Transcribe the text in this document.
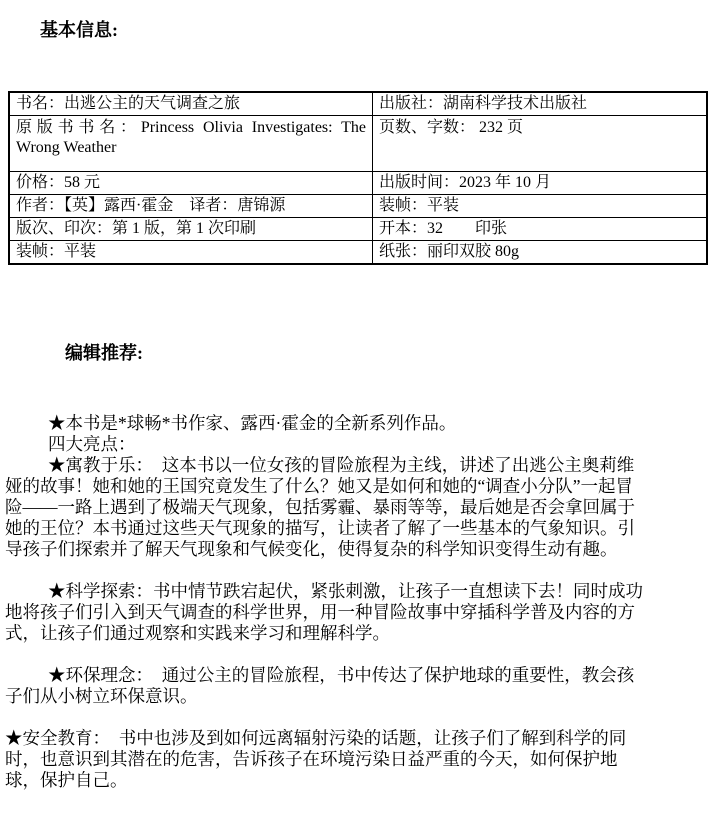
基本信息:
书名：出逃公主的天气调查之旅	出版社：湖南科学技术出版社
原版书书名：Princess Olivia Investigates: The Wrong Weather	页数、字数： 232 页
价格：58 元	出版时间：2023 年 10 月
作者：【英】露西·霍金　译者：唐锦源	装帧：平装
版次、印次：第 1 版，第 1 次印刷	开本：32　　印张
装帧：平装	纸张：丽印双胶 80g
编辑推荐:

★本书是*球畅*书作家、露西·霍金的全新系列作品。

四大亮点：

★寓教于乐：　这本书以一位女孩的冒险旅程为主线，讲述了出逃公主奥莉维娅的故事！她和她的王国究竟发生了什么？她又是如何和她的“调查小分队”一起冒险——一路上遇到了极端天气现象，包括雾霾、暴雨等等，最后她是否会拿回属于她的王位？本书通过这些天气现象的描写，让读者了解了一些基本的气象知识。引导孩子们探索并了解天气现象和气候变化，使得复杂的科学知识变得生动有趣。

★科学探索：书中情节跌宕起伏，紧张刺激，让孩子一直想读下去！同时成功地将孩子们引入到天气调查的科学世界，用一种冒险故事中穿插科学普及内容的方式，让孩子们通过观察和实践来学习和理解科学。

★环保理念：　通过公主的冒险旅程，书中传达了保护地球的重要性，教会孩子们从小树立环保意识。

★安全教育：　书中也涉及到如何远离辐射污染的话题，让孩子们了解到科学的同时，也意识到其潜在的危害，告诉孩子在环境污染日益严重的今天，如何保护地球，保护自己。
